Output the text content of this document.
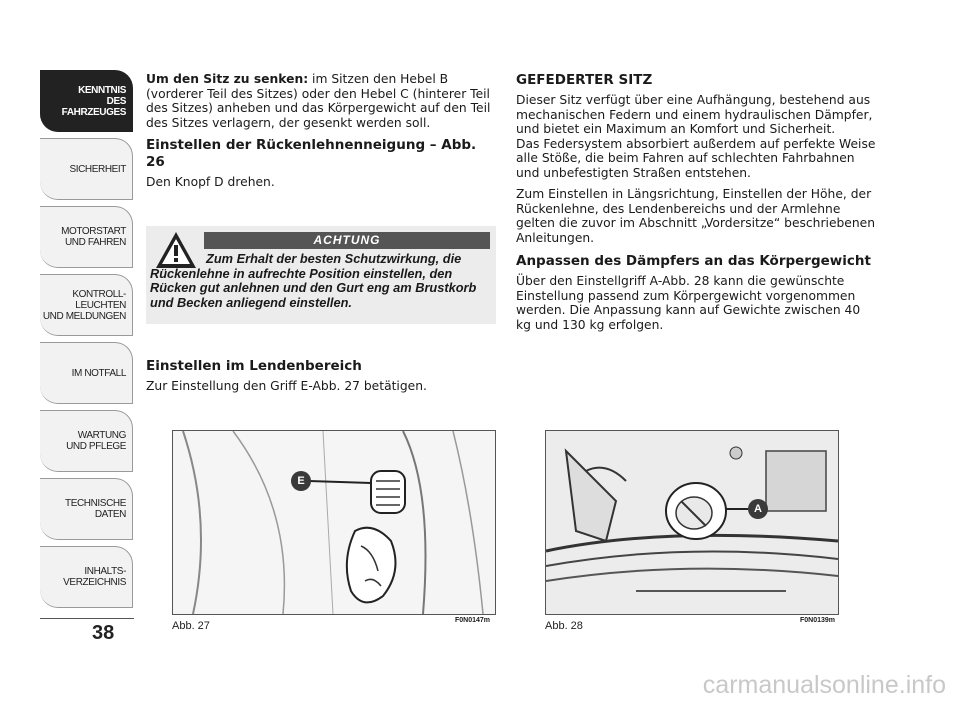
KENNTNIS
DES FAHRZEUGES
SICHERHEIT
MOTORSTART
UND FAHREN
KONTROLL-
LEUCHTEN
UND MELDUNGEN
IM NOTFALL
WARTUNG
UND PFLEGE
TECHNISCHE
DATEN
INHALTS-
VERZEICHNIS
38

Um den Sitz zu senken: im Sitzen den Hebel B (vorderer Teil des Sitzes) oder den Hebel C (hinterer Teil des Sitzes) anheben und das Körpergewicht auf den Teil des Sitzes verlagern, der gesenkt werden soll.

Einstellen der Rückenlehnenneigung – Abb. 26

Den Knopf D drehen.

ACHTUNG
Zum Erhalt der besten Schutzwirkung, die Rückenlehne in aufrechte Position einstellen, den Rücken gut anlehnen und den Gurt eng am Brustkorb und Becken anliegend einstellen.
Einstellen im Lendenbereich

Zur Einstellung den Griff E-Abb. 27 betätigen.

GEFEDERTER SITZ

Dieser Sitz verfügt über eine Aufhängung, bestehend aus mechanischen Federn und einem hydraulischen Dämpfer, und bietet ein Maximum an Komfort und Sicherheit.

Das Federsystem absorbiert außerdem auf perfekte Weise alle Stöße, die beim Fahren auf schlechten Fahrbahnen und unbefestigten Straßen entstehen.

Zum Einstellen in Längsrichtung, Einstellen der Höhe, der Rückenlehne, des Lendenbereichs und der Armlehne gelten die zuvor im Abschnitt „Vordersitze“ beschriebenen Anleitungen.

Anpassen des Dämpfers an das Körpergewicht

Über den Einstellgriff A-Abb. 28 kann die gewünschte Einstellung passend zum Körpergewicht vorgenommen werden. Die Anpassung kann auf Gewichte zwischen 40 kg und 130 kg erfolgen.

E
Abb. 27	F0N0147m
A
Abb. 28	F0N0139m
carmanualsonline.info
